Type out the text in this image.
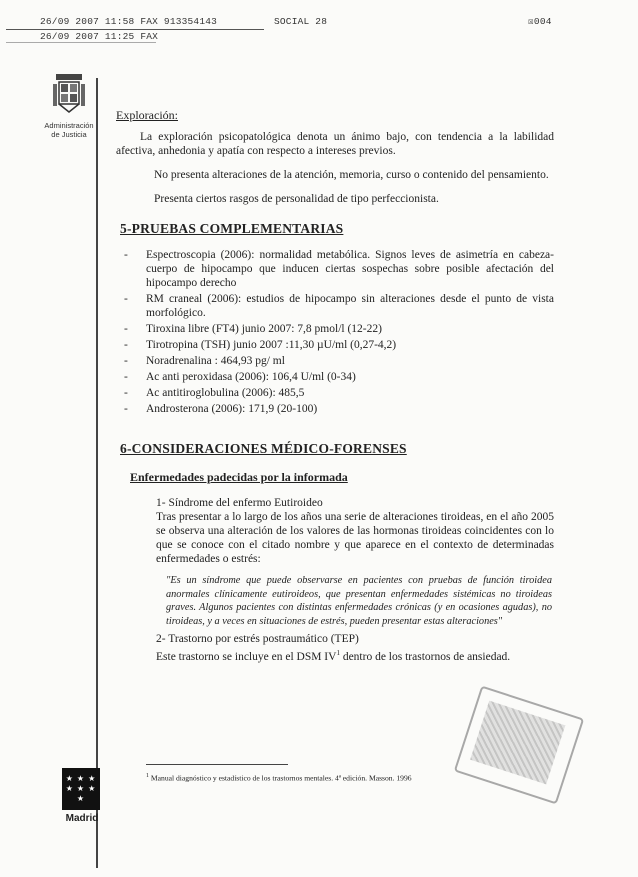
26/09 2007 11:58 FAX 913354143	SOCIAL 28	☒004
26/09 2007 11:25 FAX
Administración de Justicia
Exploración:
La exploración psicopatológica denota un ánimo bajo, con tendencia a la labilidad afectiva, anhedonia y apatía con respecto a intereses previos.
No presenta alteraciones de la atención, memoria, curso o contenido del pensamiento.
Presenta ciertos rasgos de personalidad de tipo perfeccionista.
5-PRUEBAS COMPLEMENTARIAS
- Espectroscopia (2006): normalidad metabólica. Signos leves de asimetría en cabeza-cuerpo de hipocampo que inducen ciertas sospechas sobre posible afectación del hipocampo derecho
- RM craneal (2006): estudios de hipocampo sin alteraciones desde el punto de vista morfológico.
- Tiroxina libre (FT4) junio 2007: 7,8 pmol/l (12-22)
- Tirotropina (TSH) junio 2007 :11,30 µU/ml (0,27-4,2)
- Noradrenalina : 464,93 pg/ ml
- Ac anti peroxidasa (2006): 106,4 U/ml (0-34)
- Ac antitiroglobulina (2006): 485,5
- Androsterona (2006): 171,9 (20-100)
6-CONSIDERACIONES MÉDICO-FORENSES
Enfermedades padecidas por la informada
1- Síndrome del enfermo Eutiroideo
Tras presentar a lo largo de los años una serie de alteraciones tiroideas, en el año 2005 se observa una alteración de los valores de las hormonas tiroideas coincidentes con lo que se conoce con el citado nombre y que aparece en el contexto de determinadas enfermedades o estrés:
"Es un síndrome que puede observarse en pacientes con pruebas de función tiroidea anormales clínicamente eutiroideos, que presentan enfermedades sistémicas no tiroideas graves. Algunos pacientes con distintas enfermedades crónicas (y en ocasiones agudas), no tiroideas, y a veces en situaciones de estrés, pueden presentar estas alteraciones"
2- Trastorno por estrés postraumático (TEP)
Este trastorno se incluye en el DSM $IV^1$ dentro de los trastornos de ansiedad.
$^1$ Manual diagnóstico y estadístico de los trastornos mentales. 4ª edición. Masson. 1996
★ ★ ★ ★ ★ ★ ★
Madrid
